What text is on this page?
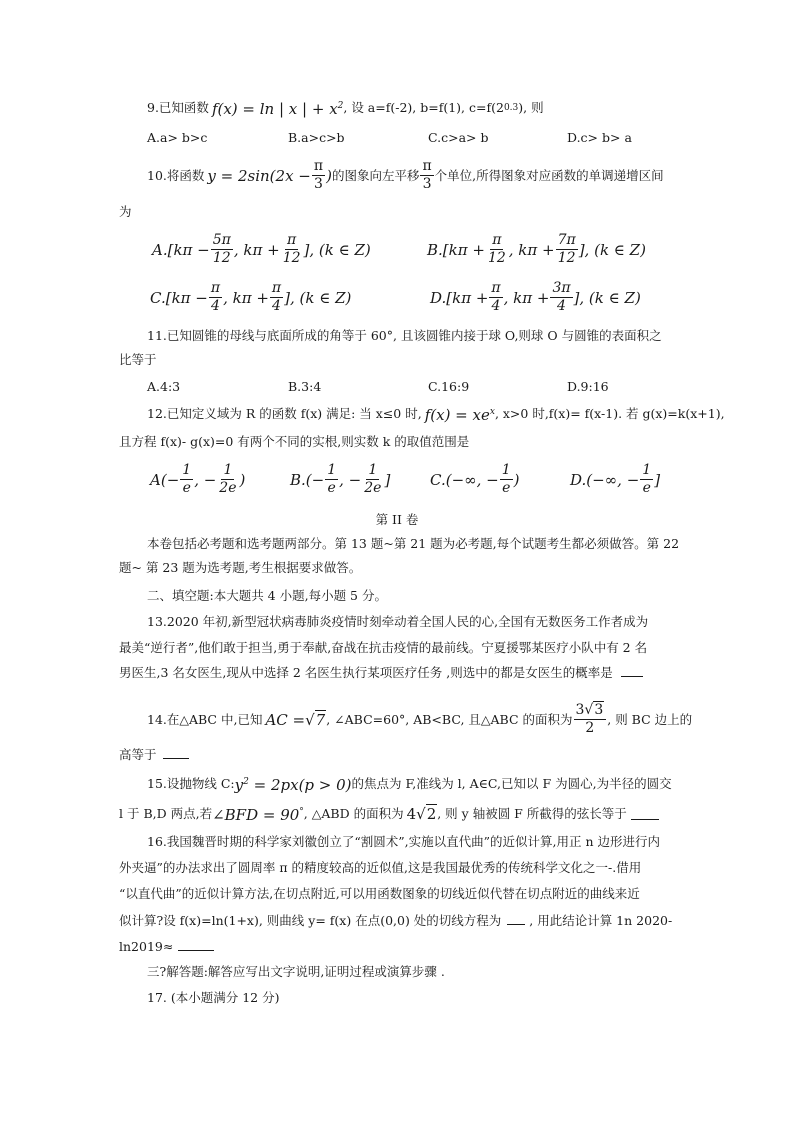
9.已知函数 f(x) = ln | x | + $x^2$ , 设 a=f(-2), b=f(1), c=f(2 0.3 ), 则
A.a> b>c	B.a>c>b	C.c>a> b	D.c> b> a
10.将函数 $y = 2\sin(2x - \frac{\pi}{3}$ ) 的图象向左平移 $\frac{\pi}{3}$ 个单位,所得图象对应函数的单调递增区间
为
A. [$k\pi - \frac{5\pi}{12}$ , $k\pi + \frac{\pi}{12}$ ], (k ∈ Z)	B. [$k\pi + \frac{\pi}{12}$ , $k\pi + \frac{7\pi}{12}$ ], (k ∈ Z)
C. [$k\pi - \frac{\pi}{4}$ , $k\pi + \frac{\pi}{4}$ ], (k ∈ Z)	D. [$k\pi + \frac{\pi}{4}$ , $k\pi + \frac{3\pi}{4}$ ], (k ∈ Z)
11.已知圆锥的母线与底面所成的角等于 60°, 且该圆锥内接于球 O,则球 O 与圆锥的表面积之
比等于
A.4:3	B.3:4	C.16:9	D.9:16
12.已知定义域为 R 的函数 f(x) 满足: 当 x≤0 时, $f(x) = xe^x$ , x>0 时,f(x)= f(x-1). 若 g(x)=k(x+1),
且方程 f(x)- g(x)=0 有两个不同的实根,则实数 k 的取值范围是
A (− $\frac{1}{e}$ , − $\frac{1}{2e}$ )	B. (− $\frac{1}{e}$ , − $\frac{1}{2e}$ ]	C. (−∞, − $\frac{1}{e}$ )	D. (−∞, − $\frac{1}{e}$ ]
第 II 卷
本卷包括必考题和选考题两部分。第 13 题~第 21 题为必考题,每个试题考生都必须做答。第 22
题~ 第 23 题为选考题,考生根据要求做答。
二、填空题:本大题共 4 小题,每小题 5 分。
13.2020 年初,新型冠状病毒肺炎疫情时刻牵动着全国人民的心,全国有无数医务工作者成为
最美“逆行者”,他们敢于担当,勇于奉献,奋战在抗击疫情的最前线。宁夏援鄂某医疗小队中有 2 名
男医生,3 名女医生,现从中选择 2 名医生执行某项医疗任务 ,则选中的都是女医生的概率是
14.在△ABC 中,已知 AC = √7 , ∠ABC=60°, AB<BC, 且△ABC 的面积为 $\frac{3√3}{2}$ , 则 BC 边上的
高等于
15.设抛物线 C: $y^2 = 2px(p > 0)$ 的焦点为 F,准线为 l, A∈C,已知以 F 为圆心,为半径的圆交
l 于 B,D 两点,若 ∠BFD = 90° , △ABD 的面积为 4√2 , 则 y 轴被圆 F 所截得的弦长等于
16.我国魏晋时期的科学家刘徽创立了“割圆术”,实施以直代曲”的近似计算,用正 n 边形进行内
外夹逼”的办法求出了圆周率 π 的精度较高的近似值,这是我国最优秀的传统科学文化之一-.借用
“以直代曲”的近似计算方法,在切点附近,可以用函数图象的切线近似代替在切点附近的曲线来近
似计算?设 f(x)=ln(1+x), 则曲线 y= f(x) 在点(0,0) 处的切线方程为 , 用此结论计算 1n 2020-
ln2019≈
三?解答题:解答应写出文字说明,证明过程或演算步骤 .
17. (本小题满分 12 分)
